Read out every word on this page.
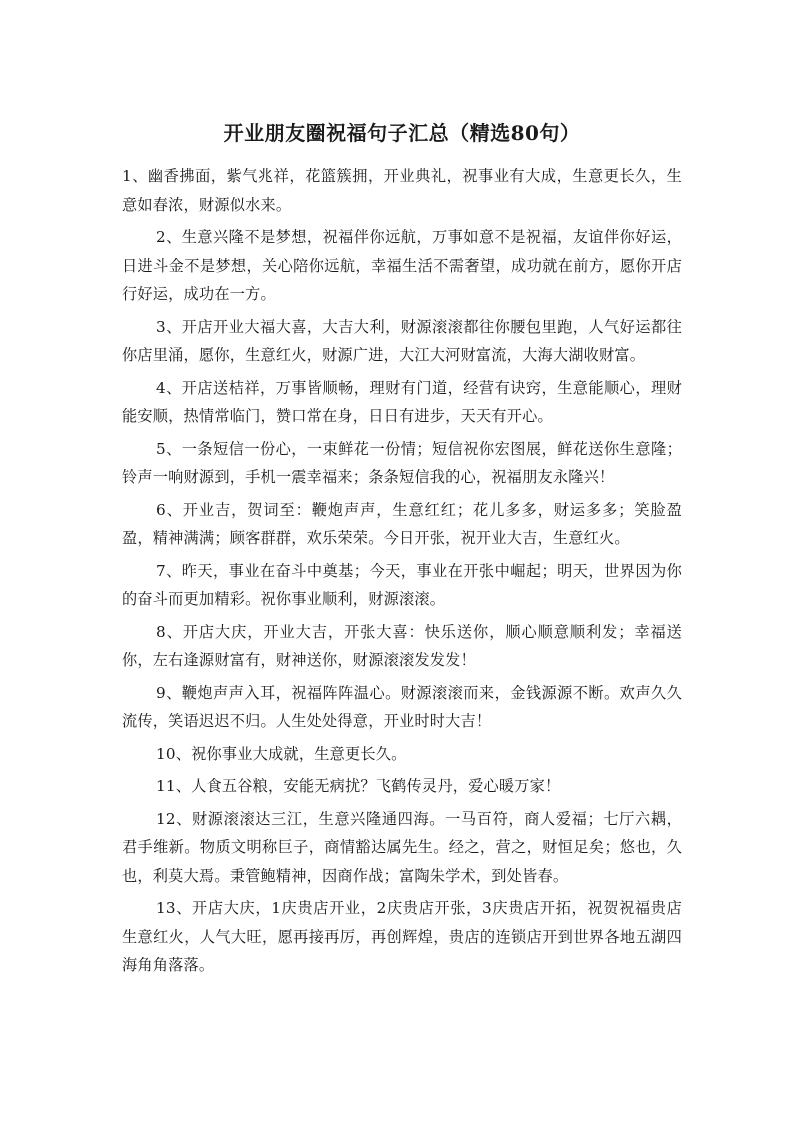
开业朋友圈祝福句子汇总（精选80句）

1、幽香拂面，紫气兆祥，花篮簇拥，开业典礼，祝事业有大成，生意更长久，生意如春浓，财源似水来。

2、生意兴隆不是梦想，祝福伴你远航，万事如意不是祝福，友谊伴你好运，日进斗金不是梦想，关心陪你远航，幸福生活不需奢望，成功就在前方，愿你开店行好运，成功在一方。

3、开店开业大福大喜，大吉大利，财源滚滚都往你腰包里跑，人气好运都往你店里涌，愿你，生意红火，财源广进，大江大河财富流，大海大湖收财富。

4、开店送桔祥，万事皆顺畅，理财有门道，经营有诀窍，生意能顺心，理财能安顺，热情常临门，赞口常在身，日日有进步，天天有开心。

5、一条短信一份心，一束鲜花一份情；短信祝你宏图展，鲜花送你生意隆；铃声一响财源到，手机一震幸福来；条条短信我的心，祝福朋友永隆兴！

6、开业吉，贺词至：鞭炮声声，生意红红；花儿多多，财运多多；笑脸盈盈，精神满满；顾客群群，欢乐荣荣。今日开张，祝开业大吉，生意红火。

7、昨天，事业在奋斗中奠基；今天，事业在开张中崛起；明天，世界因为你的奋斗而更加精彩。祝你事业顺利，财源滚滚。

8、开店大庆，开业大吉，开张大喜：快乐送你，顺心顺意顺利发；幸福送你，左右逢源财富有，财神送你，财源滚滚发发发！

9、鞭炮声声入耳，祝福阵阵温心。财源滚滚而来，金钱源源不断。欢声久久流传，笑语迟迟不归。人生处处得意，开业时时大吉！

10、祝你事业大成就，生意更长久。

11、人食五谷粮，安能无病扰？飞鹤传灵丹，爱心暖万家！

12、财源滚滚达三江，生意兴隆通四海。一马百符，商人爱福；七厅六耦，君手维新。物质文明称巨子，商情豁达属先生。经之，营之，财恒足矣；悠也，久也，利莫大焉。秉管鲍精神，因商作战；富陶朱学术，到处皆春。

13、开店大庆，1庆贵店开业，2庆贵店开张，3庆贵店开拓，祝贺祝福贵店生意红火，人气大旺，愿再接再厉，再创辉煌，贵店的连锁店开到世界各地五湖四海角角落落。
